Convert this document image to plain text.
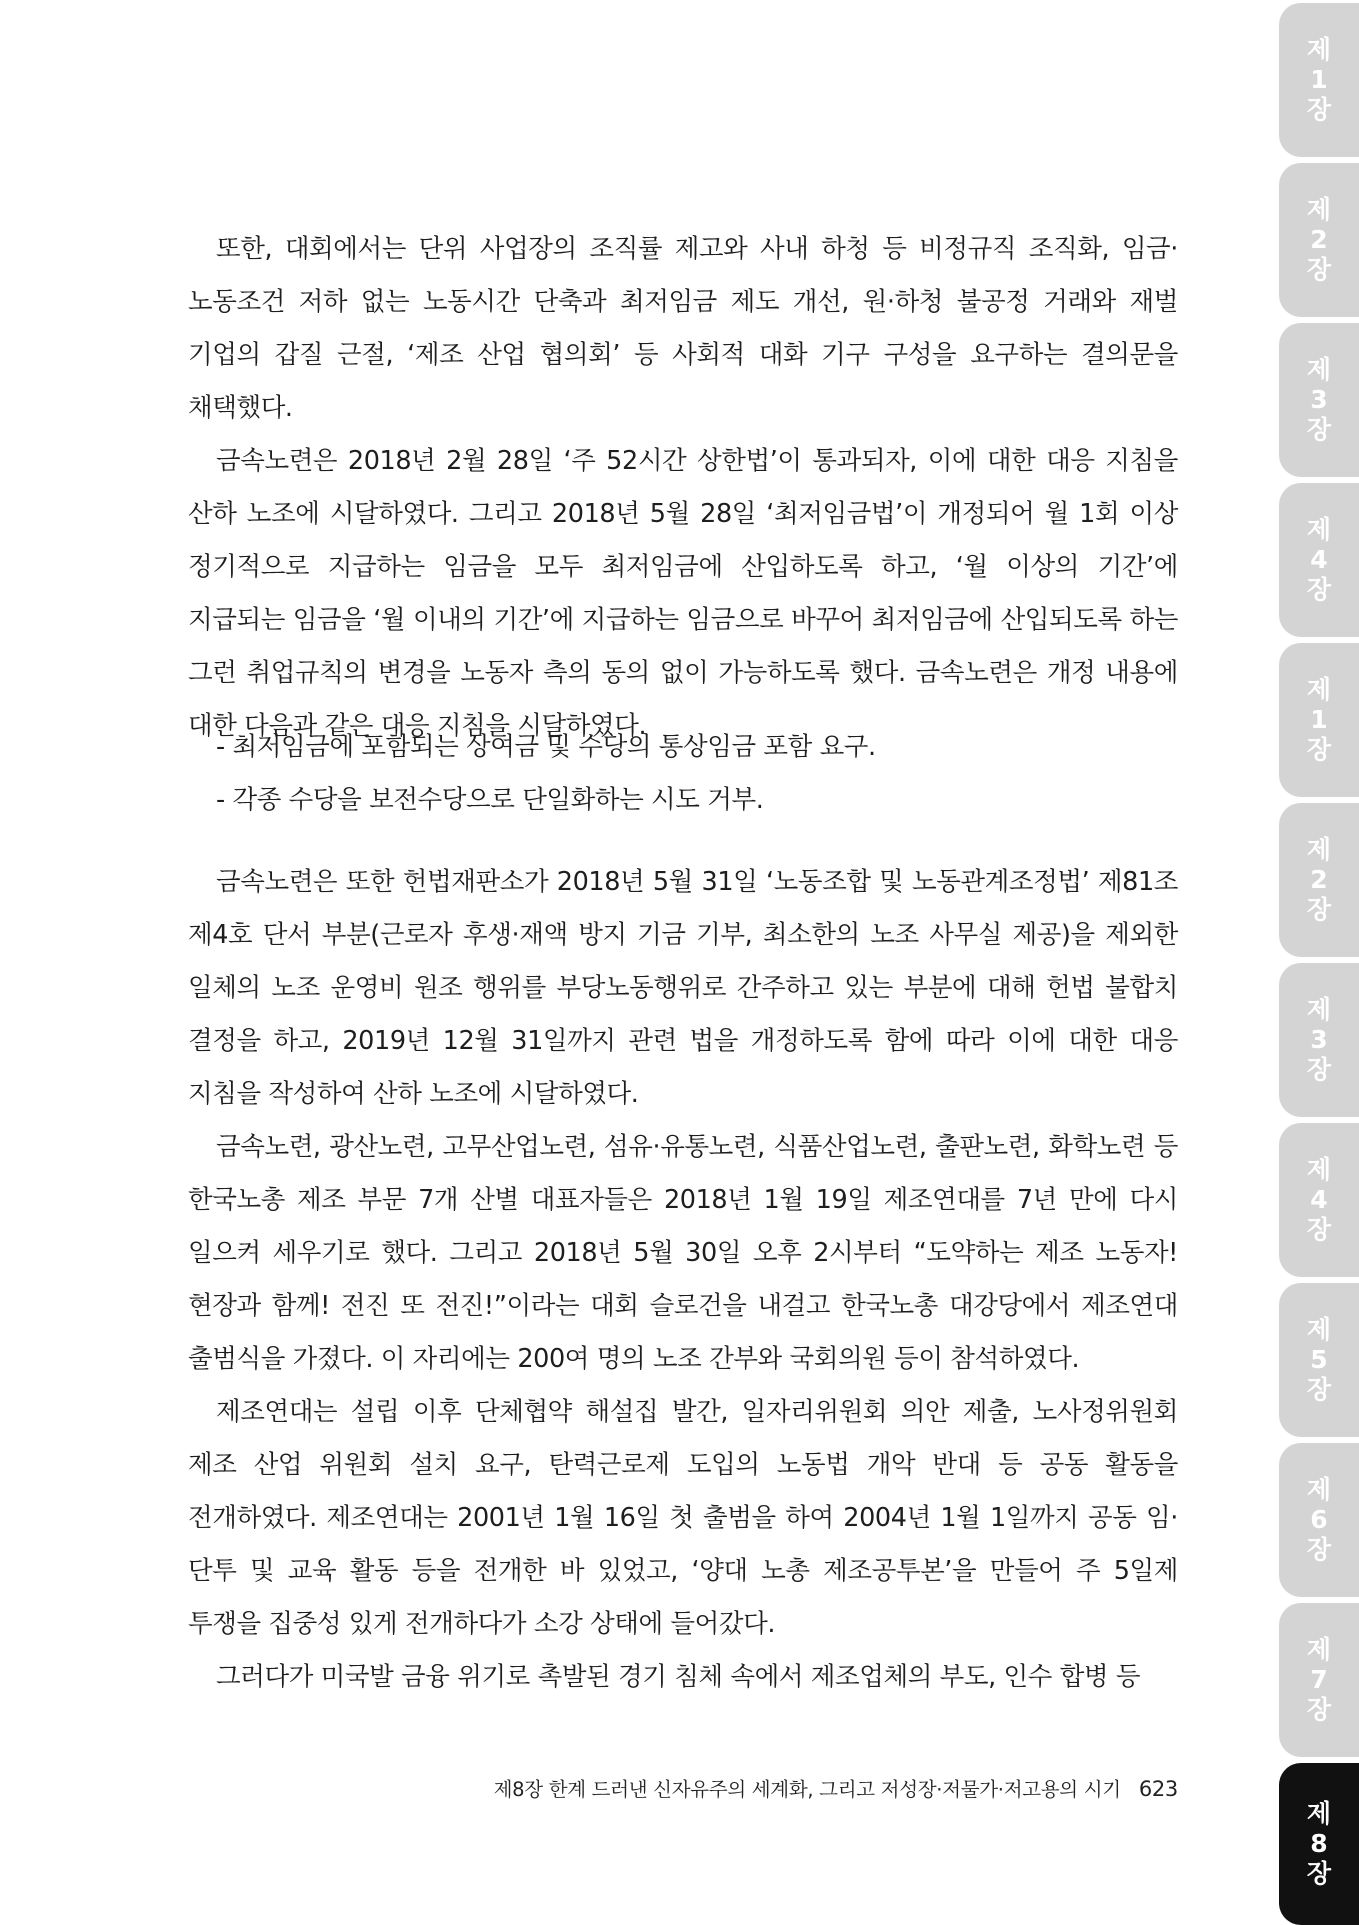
또한, 대회에서는 단위 사업장의 조직률 제고와 사내 하청 등 비정규직 조직화, 임금·노동조건 저하 없는 노동시간 단축과 최저임금 제도 개선, 원·하청 불공정 거래와 재벌 기업의 갑질 근절, ‘제조 산업 협의회’ 등 사회적 대화 기구 구성을 요구하는 결의문을 채택했다.

금속노련은 2018년 2월 28일 ‘주 52시간 상한법’이 통과되자, 이에 대한 대응 지침을 산하 노조에 시달하였다. 그리고 2018년 5월 28일 ‘최저임금법’이 개정되어 월 1회 이상 정기적으로 지급하는 임금을 모두 최저임금에 산입하도록 하고, ‘월 이상의 기간’에 지급되는 임금을 ‘월 이내의 기간’에 지급하는 임금으로 바꾸어 최저임금에 산입되도록 하는 그런 취업규칙의 변경을 노동자 측의 동의 없이 가능하도록 했다. 금속노련은 개정 내용에 대한 다음과 같은 대응 지침을 시달하였다.

- 최저임금에 포함되는 상여금 및 수당의 통상임금 포함 요구.

- 각종 수당을 보전수당으로 단일화하는 시도 거부.

금속노련은 또한 헌법재판소가 2018년 5월 31일 ‘노동조합 및 노동관계조정법’ 제81조 제4호 단서 부분(근로자 후생·재액 방지 기금 기부, 최소한의 노조 사무실 제공)을 제외한 일체의 노조 운영비 원조 행위를 부당노동행위로 간주하고 있는 부분에 대해 헌법 불합치 결정을 하고, 2019년 12월 31일까지 관련 법을 개정하도록 함에 따라 이에 대한 대응 지침을 작성하여 산하 노조에 시달하였다.

금속노련, 광산노련, 고무산업노련, 섬유·유통노련, 식품산업노련, 출판노련, 화학노련 등 한국노총 제조 부문 7개 산별 대표자들은 2018년 1월 19일 제조연대를 7년 만에 다시 일으켜 세우기로 했다. 그리고 2018년 5월 30일 오후 2시부터 “도약하는 제조 노동자! 현장과 함께! 전진 또 전진!”이라는 대회 슬로건을 내걸고 한국노총 대강당에서 제조연대 출범식을 가졌다. 이 자리에는 200여 명의 노조 간부와 국회의원 등이 참석하였다.

제조연대는 설립 이후 단체협약 해설집 발간, 일자리위원회 의안 제출, 노사정위원회 제조 산업 위원회 설치 요구, 탄력근로제 도입의 노동법 개악 반대 등 공동 활동을 전개하였다. 제조연대는 2001년 1월 16일 첫 출범을 하여 2004년 1월 1일까지 공동 임·단투 및 교육 활동 등을 전개한 바 있었고, ‘양대 노총 제조공투본’을 만들어 주 5일제 투쟁을 집중성 있게 전개하다가 소강 상태에 들어갔다.

그러다가 미국발 금융 위기로 촉발된 경기 침체 속에서 제조업체의 부도, 인수 합병 등

제8장 한계 드러낸 신자유주의 세계화, 그리고 저성장·저물가·저고용의 시기 623
제
1
장
제
2
장
제
3
장
제
4
장
제
1
장
제
2
장
제
3
장
제
4
장
제
5
장
제
6
장
제
7
장
제
8
장
